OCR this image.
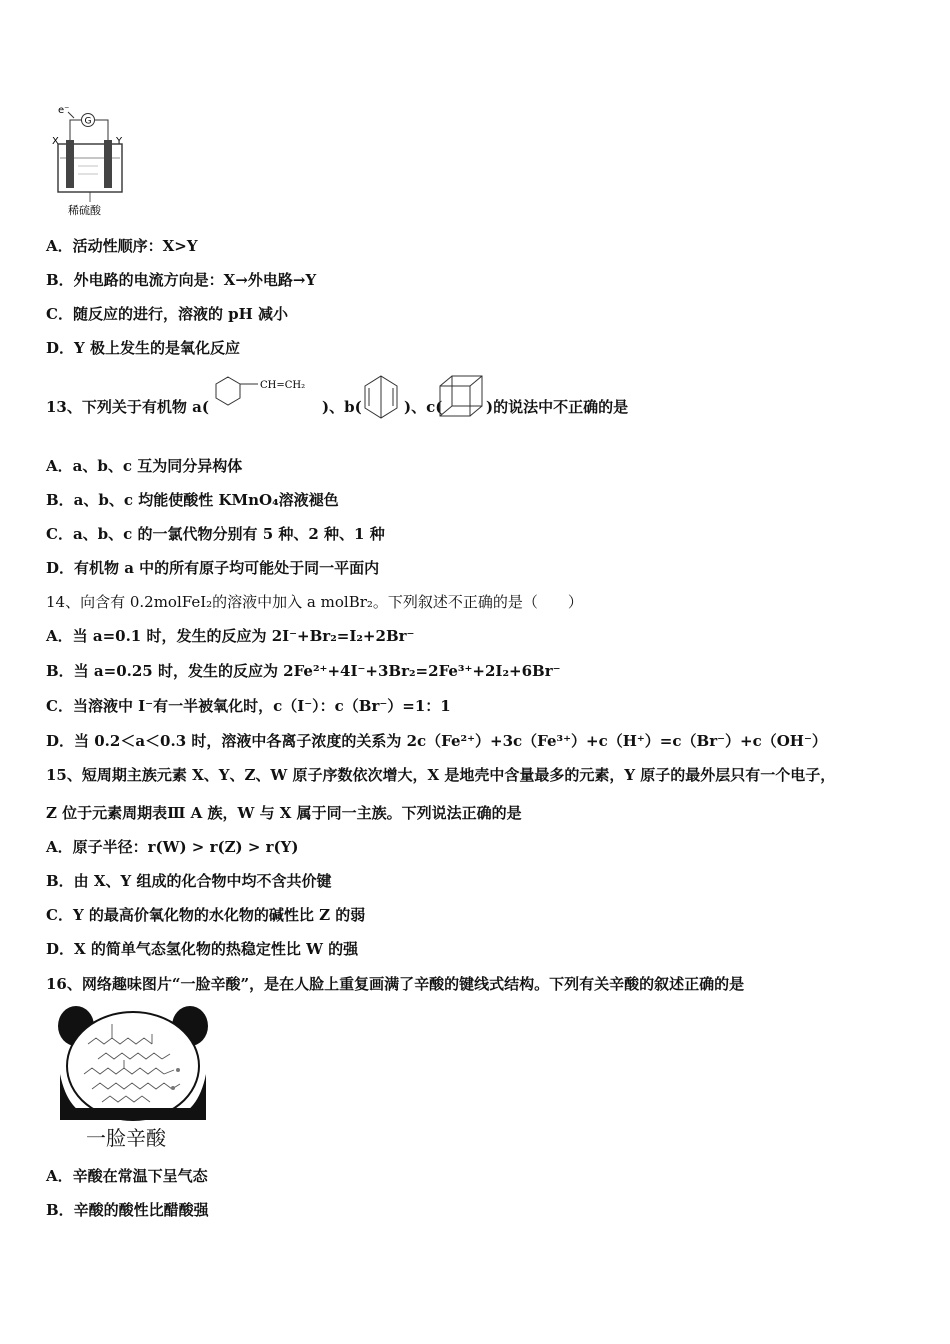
e⁻
G
X	Y
稀硫酸
A．活动性顺序：X>Y
B．外电路的电流方向是：X→外电路→Y
C．随反应的进行，溶液的 pH 减小
D．Y 极上发生的是氧化反应
13、下列关于有机物 a(
CH=CH₂
)、b(	)、c(	)的说法中不正确的是
A．a、b、c 互为同分异构体
B．a、b、c 均能使酸性 KMnO₄溶液褪色
C．a、b、c 的一氯代物分别有 5 种、2 种、1 种
D．有机物 a 中的所有原子均可能处于同一平面内
14、向含有 0.2molFeI₂的溶液中加入 a molBr₂。下列叙述不正确的是（　　）
A．当 a=0.1 时，发生的反应为 2I⁻+Br₂=I₂+2Br⁻
B．当 a=0.25 时，发生的反应为 2Fe²⁺+4I⁻+3Br₂=2Fe³⁺+2I₂+6Br⁻
C．当溶液中 I⁻有一半被氧化时，c（I⁻）：c（Br⁻）=1：1
D．当 0.2＜a＜0.3 时，溶液中各离子浓度的关系为 2c（Fe²⁺）+3c（Fe³⁺）+c（H⁺）=c（Br⁻）+c（OH⁻）
15、短周期主族元素 X、Y、Z、W 原子序数依次增大，X 是地壳中含量最多的元素，Y 原子的最外层只有一个电子，
Z 位于元素周期表Ⅲ A 族，W 与 X 属于同一主族。下列说法正确的是
A．原子半径：r(W) > r(Z) > r(Y)
B．由 X、Y 组成的化合物中均不含共价键
C．Y 的最高价氧化物的水化物的碱性比 Z 的弱
D．X 的简单气态氢化物的热稳定性比 W 的强
16、网络趣味图片“一脸辛酸”，是在人脸上重复画满了辛酸的键线式结构。下列有关辛酸的叙述正确的是
一脸辛酸
A．辛酸在常温下呈气态
B．辛酸的酸性比醋酸强
